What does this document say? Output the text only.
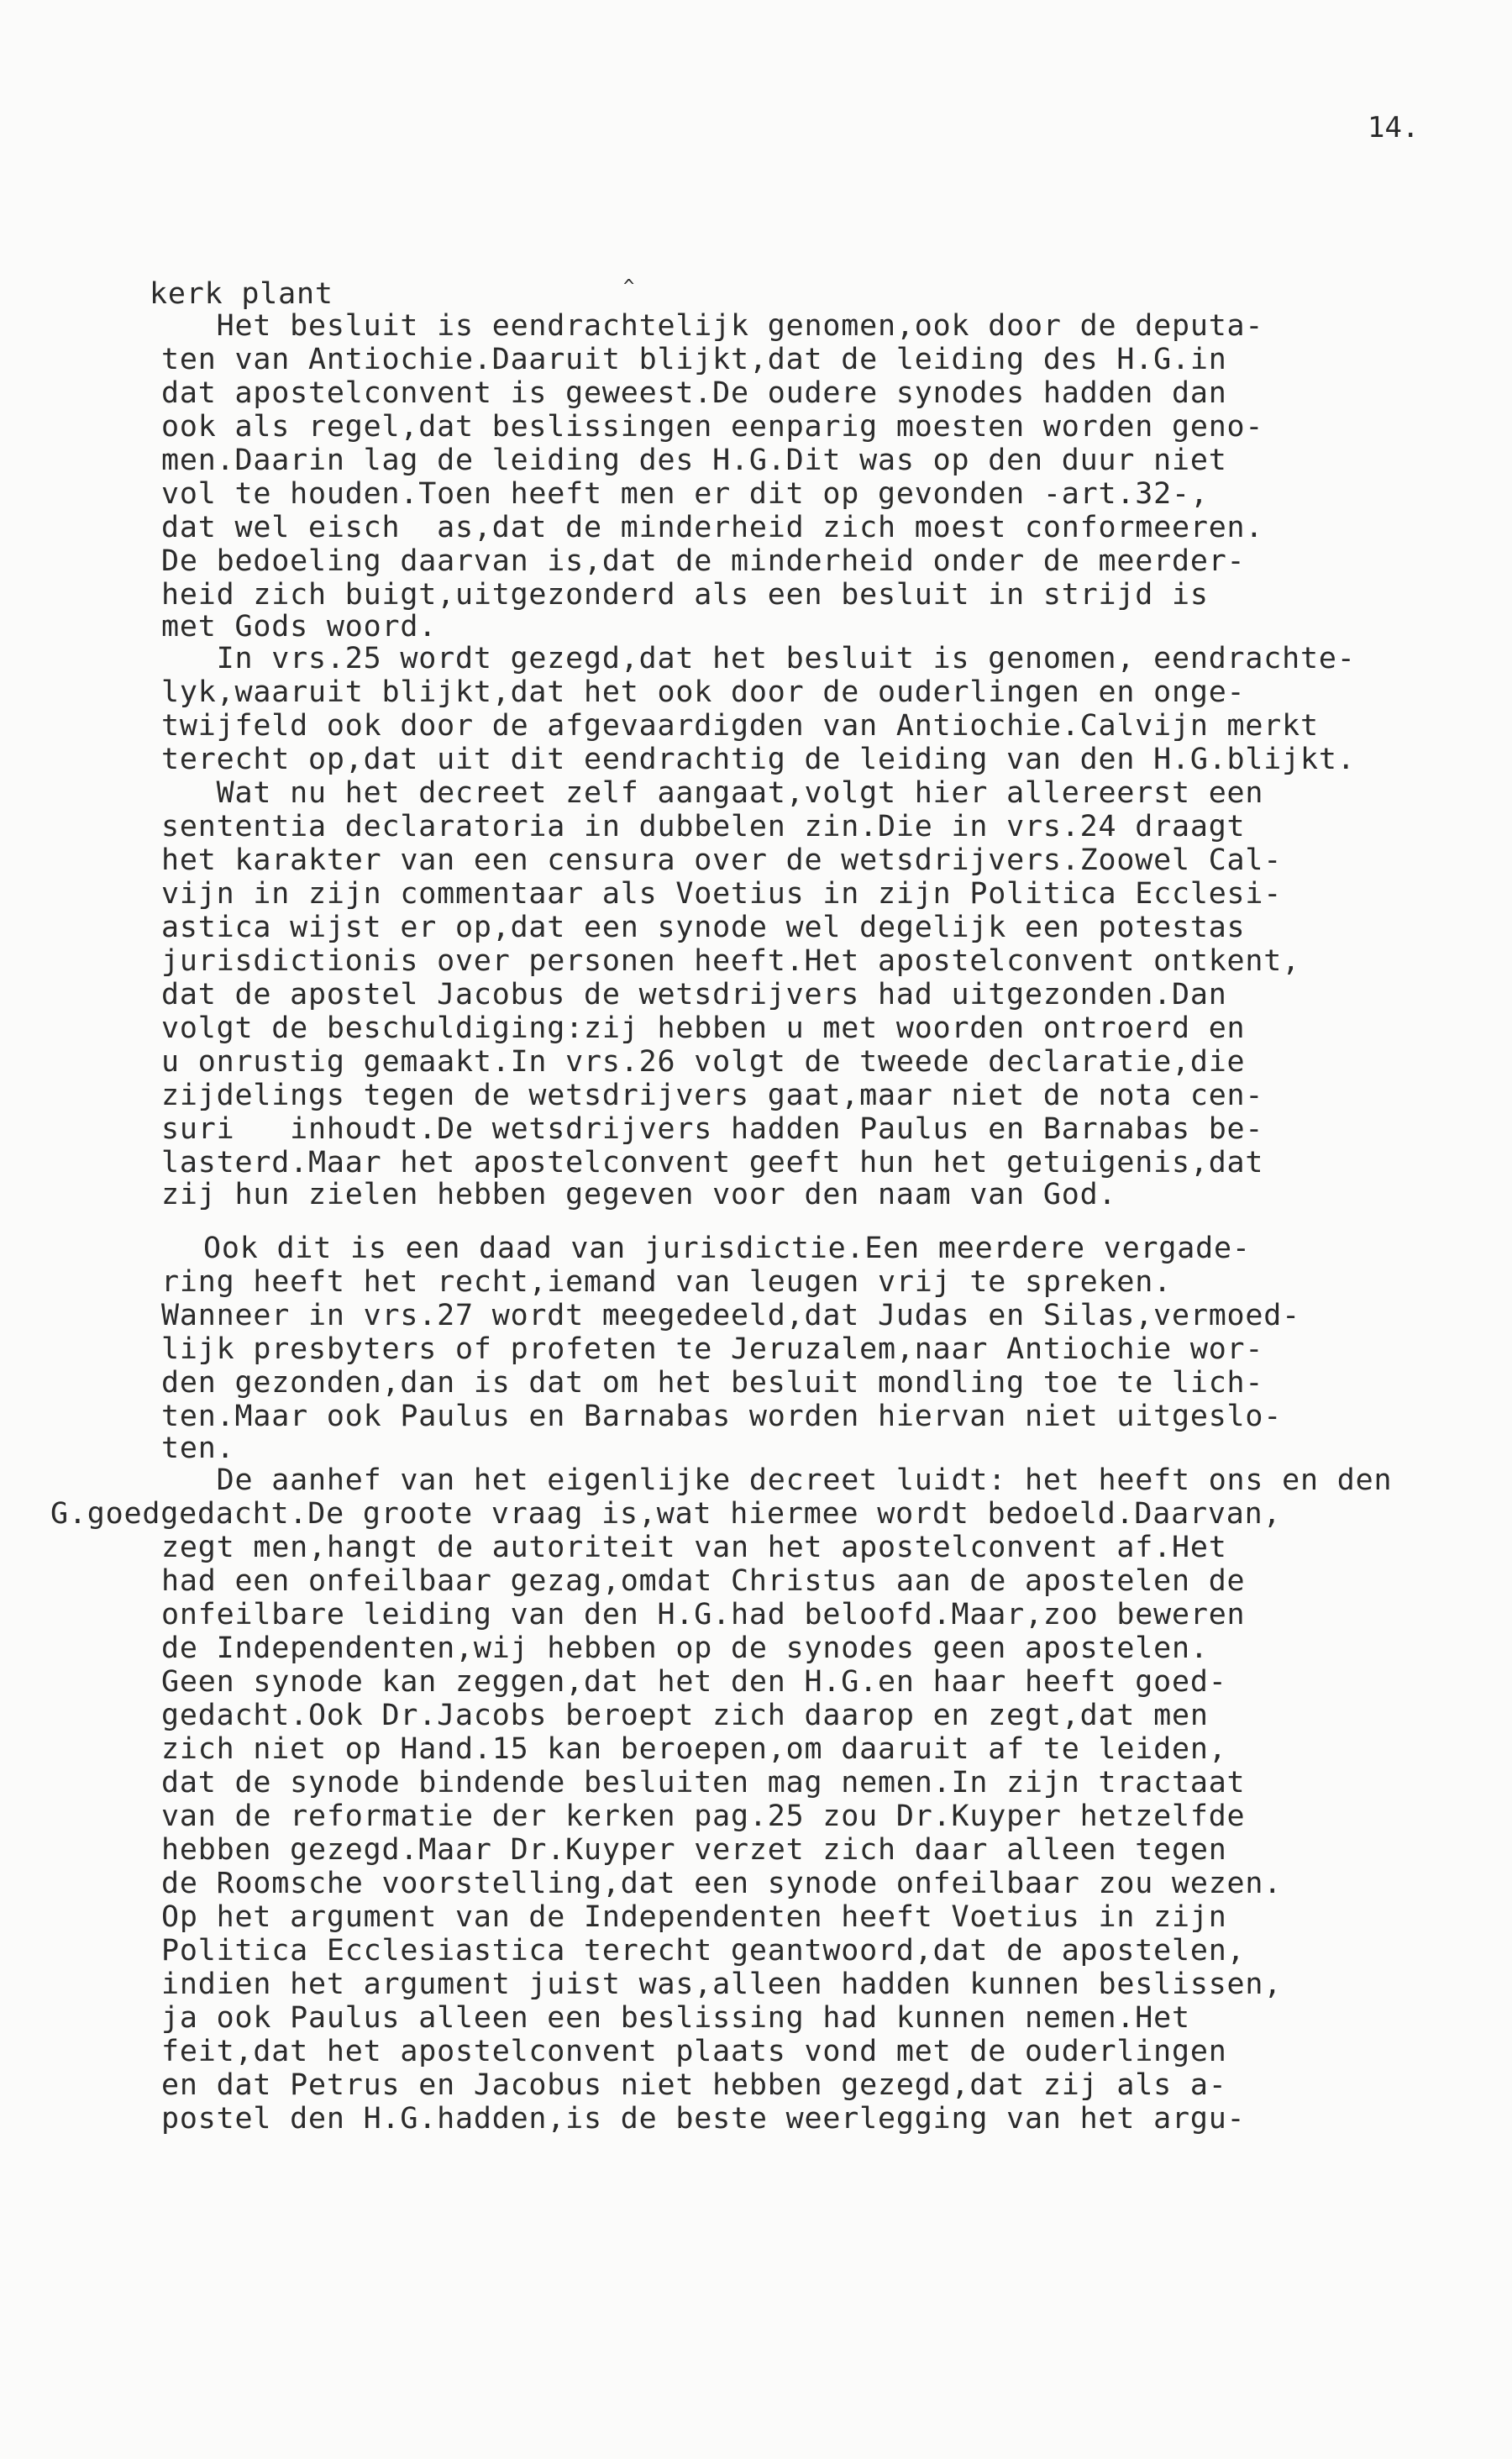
14.
kerk plant	^
Het besluit is eendrachtelijk genomen,ook door de deputa-
ten van Antiochie.Daaruit blijkt,dat de leiding des H.G.in
dat apostelconvent is geweest.De oudere synodes hadden dan
ook als regel,dat beslissingen eenparig moesten worden geno-
men.Daarin lag de leiding des H.G.Dit was op den duur niet
vol te houden.Toen heeft men er dit op gevonden -art.32-,
dat wel eisch  as,dat de minderheid zich moest conformeeren.
De bedoeling daarvan is,dat de minderheid onder de meerder-
heid zich buigt,uitgezonderd als een besluit in strijd is
met Gods woord.
In vrs.25 wordt gezegd,dat het besluit is genomen, eendrachte-
lyk,waaruit blijkt,dat het ook door de ouderlingen en onge-
twijfeld ook door de afgevaardigden van Antiochie.Calvijn merkt
terecht op,dat uit dit eendrachtig de leiding van den H.G.blijkt.
Wat nu het decreet zelf aangaat,volgt hier allereerst een
sententia declaratoria in dubbelen zin.Die in vrs.24 draagt
het karakter van een censura over de wetsdrijvers.Zoowel Cal-
vijn in zijn commentaar als Voetius in zijn Politica Ecclesi-
astica wijst er op,dat een synode wel degelijk een potestas
jurisdictionis over personen heeft.Het apostelconvent ontkent,
dat de apostel Jacobus de wetsdrijvers had uitgezonden.Dan
volgt de beschuldiging:zij hebben u met woorden ontroerd en
u onrustig gemaakt.In vrs.26 volgt de tweede declaratie,die
zijdelings tegen de wetsdrijvers gaat,maar niet de nota cen-
suri   inhoudt.De wetsdrijvers hadden Paulus en Barnabas be-
lasterd.Maar het apostelconvent geeft hun het getuigenis,dat
zij hun zielen hebben gegeven voor den naam van God.
Ook dit is een daad van jurisdictie.Een meerdere vergade-
ring heeft het recht,iemand van leugen vrij te spreken.
Wanneer in vrs.27 wordt meegedeeld,dat Judas en Silas,vermoed-
lijk presbyters of profeten te Jeruzalem,naar Antiochie wor-
den gezonden,dan is dat om het besluit mondling toe te lich-
ten.Maar ook Paulus en Barnabas worden hiervan niet uitgeslo-
ten.
De aanhef van het eigenlijke decreet luidt: het heeft ons en den
G.goedgedacht.De groote vraag is,wat hiermee wordt bedoeld.Daarvan,
zegt men,hangt de autoriteit van het apostelconvent af.Het
had een onfeilbaar gezag,omdat Christus aan de apostelen de
onfeilbare leiding van den H.G.had beloofd.Maar,zoo beweren
de Independenten,wij hebben op de synodes geen apostelen.
Geen synode kan zeggen,dat het den H.G.en haar heeft goed-
gedacht.Ook Dr.Jacobs beroept zich daarop en zegt,dat men
zich niet op Hand.15 kan beroepen,om daaruit af te leiden,
dat de synode bindende besluiten mag nemen.In zijn tractaat
van de reformatie der kerken pag.25 zou Dr.Kuyper hetzelfde
hebben gezegd.Maar Dr.Kuyper verzet zich daar alleen tegen
de Roomsche voorstelling,dat een synode onfeilbaar zou wezen.
Op het argument van de Independenten heeft Voetius in zijn
Politica Ecclesiastica terecht geantwoord,dat de apostelen,
indien het argument juist was,alleen hadden kunnen beslissen,
ja ook Paulus alleen een beslissing had kunnen nemen.Het
feit,dat het apostelconvent plaats vond met de ouderlingen
en dat Petrus en Jacobus niet hebben gezegd,dat zij als a-
postel den H.G.hadden,is de beste weerlegging van het argu-
